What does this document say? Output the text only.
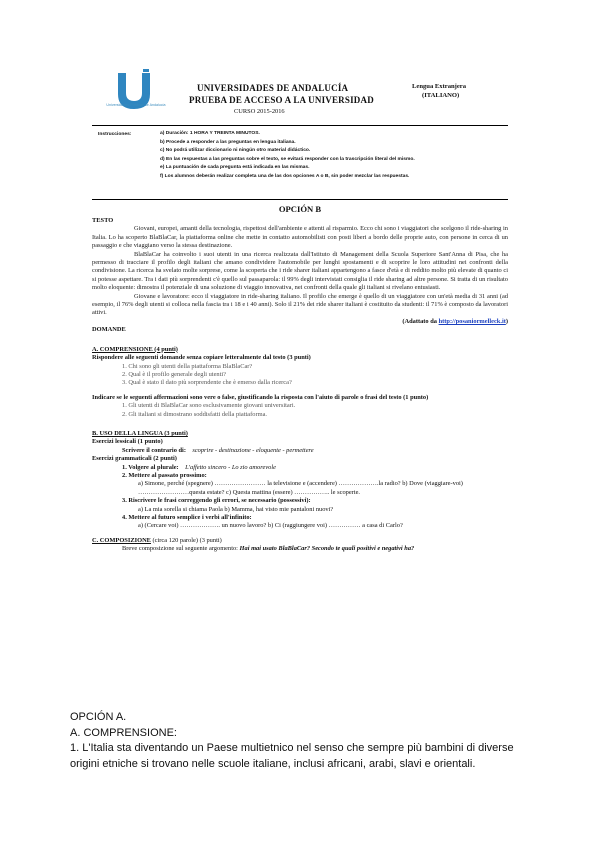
Universidades Públicas de Andalucía
UNIVERSIDADES DE ANDALUCÍA
PRUEBA DE ACCESO A LA UNIVERSIDAD
CURSO 2015-2016
Lengua Extranjera
(ITALIANO)
Instrucciones:	a) Duración: 1 HORA Y TREINTA MINUTOS.
b) Procede a responder a las preguntas en lengua italiana.
c) No podrá utilizar diccionario ni ningún otro material didáctico.
d) En las respuestas a las preguntas sobre el texto, se evitará responder con la trascripción literal del mismo.
e) La puntuación de cada pregunta está indicada en las mismas.
f) Los alumnos deberán realizar completa una de las dos opciones A o B, sin poder mezclar las respuestas.
OPCIÓN B
TESTO

Giovani, europei, amanti della tecnologia, rispettosi dell'ambiente e attenti al risparmio. Ecco chi sono i viaggiatori che scelgono il ride-sharing in Italia. Lo ha scoperto BlaBlaCar, la piattaforma online che mette in contatto automobilisti con posti liberi a bordo delle proprie auto, con persone in cerca di un passaggio e che viaggiano verso la stessa destinazione.

BlaBlaCar ha coinvolto i suoi utenti in una ricerca realizzata dall'Istituto di Management della Scuola Superiore Sant'Anna di Pisa, che ha permesso di tracciare il profilo degli italiani che amano condividere l'automobile per lunghi spostamenti e di scoprire le loro attitudini nei confronti della condivisione. La ricerca ha svelato molte sorprese, come la scoperta che i ride sharer italiani appartengono a fasce d'età e di reddito molto più elevate di quanto ci si potesse aspettare. Tra i dati più sorprendenti c'è quello sul passaparola: il 99% degli intervistati consiglia il ride sharing ad altre persone. Si tratta di un risultato molto eloquente: dimostra il potenziale di una soluzione di viaggio innovativa, nei confronti della quale gli italiani si rivelano entusiasti.

Giovane e lavoratore: ecco il viaggiatore in ride-sharing italiano. Il profilo che emerge è quello di un viaggiatore con un'età media di 31 anni (ad esempio, il 76% degli utenti si colloca nella fascia tra i 18 e i 40 anni). Solo il 21% dei ride sharer italiani è costituito da studenti: il 71% è composto da lavoratori attivi.

(Adattato da http://posaniormelleck.it)
DOMANDE
A. COMPRENSIONE (4 punti)
Rispondere alle seguenti domande senza copiare letteralmente dal testo (3 punti)
1. Chi sono gli utenti della piattaforma BlaBlaCar?
2. Qual è il profilo generale degli utenti?
3. Qual è stato il dato più sorprendente che è emerso dalla ricerca?
Indicare se le seguenti affermazioni sono vere o false, giustificando la risposta con l'aiuto di parole o frasi del testo (1 punto)
1. Gli utenti di BlaBlaCar sono esclusivamente giovani universitari.
2. Gli italiani si dimostrano soddisfatti della piattaforma.
B. USO DELLA LINGUA (3 punti)
Esercizi lessicali (1 punto)
Scrivere il contrario di: scoprire - destinazione - eloquente - permettere
Esercizi grammaticali (2 punti)
1. Volgere al plurale: L'affetto sincero - Lo zio amorevole
2. Mettere al passato prossimo:
a) Simone, perché (spegnere) …………………… la televisione e (accendere) ……………….la radio? b) Dove (viaggiare-voi) ……………………questa estate? c) Questa mattina (essere) …………….. le scoperte.
3. Riscrivere le frasi correggendo gli errori, se necessario (possessivi):
a) La mia sorella si chiama Paola b) Mamma, hai visto mie pantaloni nuovi?
4. Mettere al futuro semplice i verbi all'infinito:
a) (Cercare voi) ………………. un nuovo lavoro? b) Ci (raggiungere voi) …………… a casa di Carlo?
C. COMPOSIZIONE (circa 120 parole) (3 punti)
Breve composizione sul seguente argomento: Hai mai usato BlaBlaCar? Secondo te quali positivi e negativi ha?
OPCIÓN A.
A. COMPRENSIONE:
1. L'Italia sta diventando un Paese multietnico nel senso che sempre più bambini di diverse origini etniche si trovano nelle scuole italiane, inclusi africani, arabi, slavi e orientali.
